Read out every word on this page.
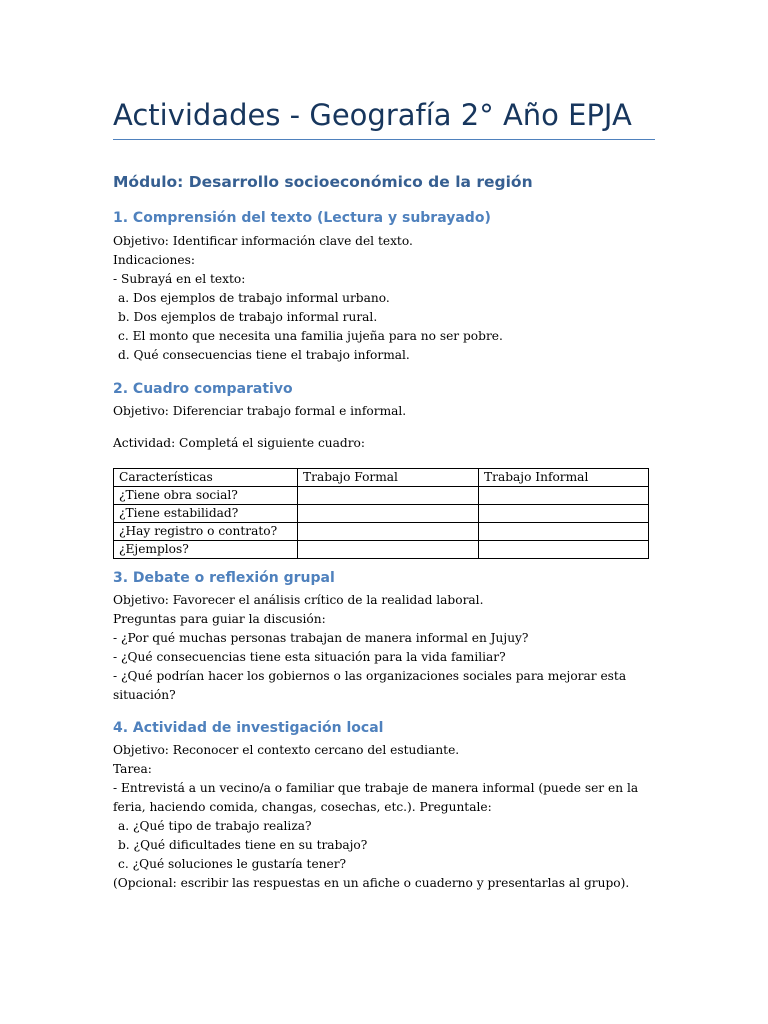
Actividades - Geografía 2° Año EPJA
Módulo: Desarrollo socioeconómico de la región
1. Comprensión del texto (Lectura y subrayado)
Objetivo: Identificar información clave del texto.
Indicaciones:
- Subrayá en el texto:
a. Dos ejemplos de trabajo informal urbano.
b. Dos ejemplos de trabajo informal rural.
c. El monto que necesita una familia jujeña para no ser pobre.
d. Qué consecuencias tiene el trabajo informal.
2. Cuadro comparativo
Objetivo: Diferenciar trabajo formal e informal.
Actividad: Completá el siguiente cuadro:
Características	Trabajo Formal	Trabajo Informal
¿Tiene obra social?		
¿Tiene estabilidad?		
¿Hay registro o contrato?		
¿Ejemplos?		
3. Debate o reflexión grupal
Objetivo: Favorecer el análisis crítico de la realidad laboral.
Preguntas para guiar la discusión:
- ¿Por qué muchas personas trabajan de manera informal en Jujuy?
- ¿Qué consecuencias tiene esta situación para la vida familiar?
- ¿Qué podrían hacer los gobiernos o las organizaciones sociales para mejorar esta situación?
4. Actividad de investigación local
Objetivo: Reconocer el contexto cercano del estudiante.
Tarea:
- Entrevistá a un vecino/a o familiar que trabaje de manera informal (puede ser en la feria, haciendo comida, changas, cosechas, etc.). Preguntale:
a. ¿Qué tipo de trabajo realiza?
b. ¿Qué dificultades tiene en su trabajo?
c. ¿Qué soluciones le gustaría tener?
(Opcional: escribir las respuestas en un afiche o cuaderno y presentarlas al grupo).
